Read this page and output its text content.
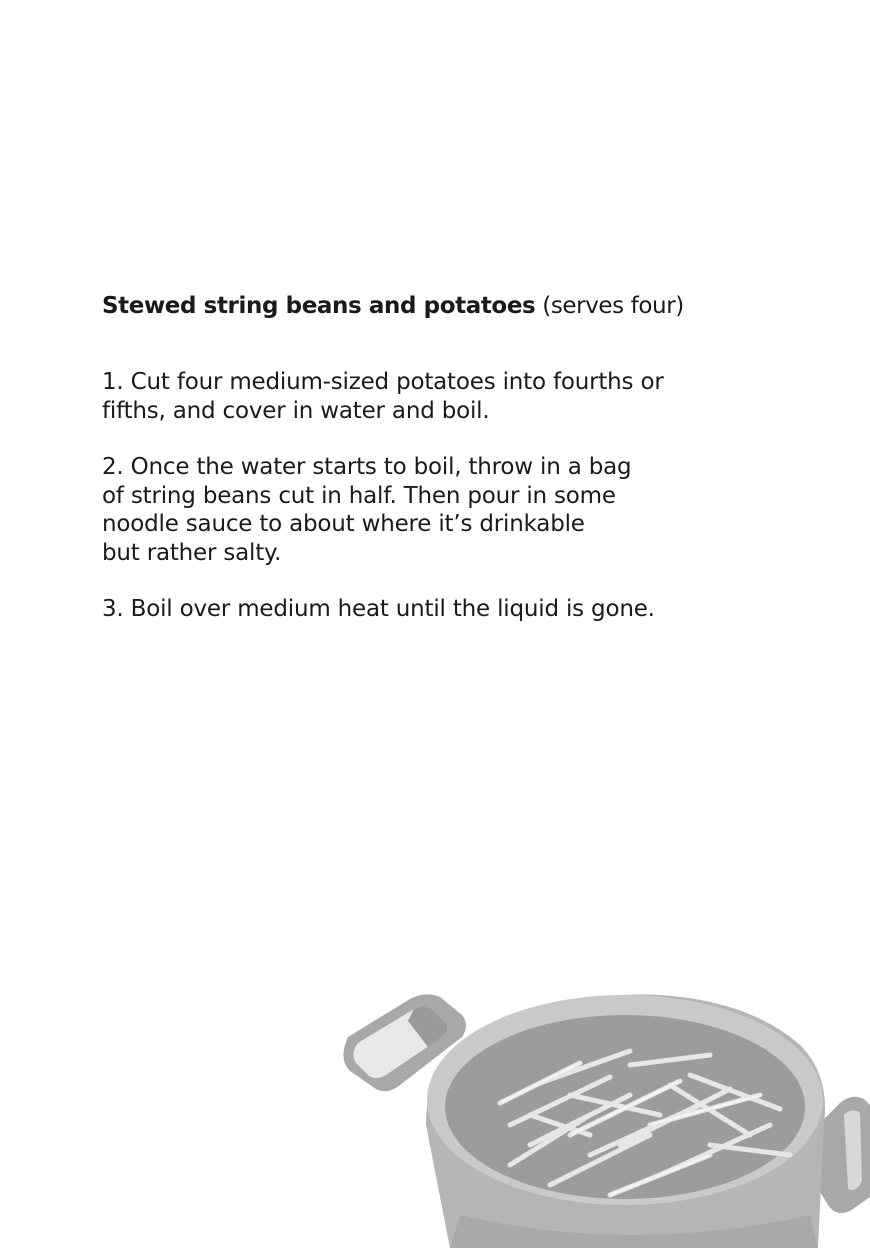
Stewed string beans and potatoes (serves four)
1. Cut four medium-sized potatoes into fourths or
fifths, and cover in water and boil.
2. Once the water starts to boil, throw in a bag
of string beans cut in half. Then pour in some
noodle sauce to about where it’s drinkable
but rather salty.
3. Boil over medium heat until the liquid is gone.
